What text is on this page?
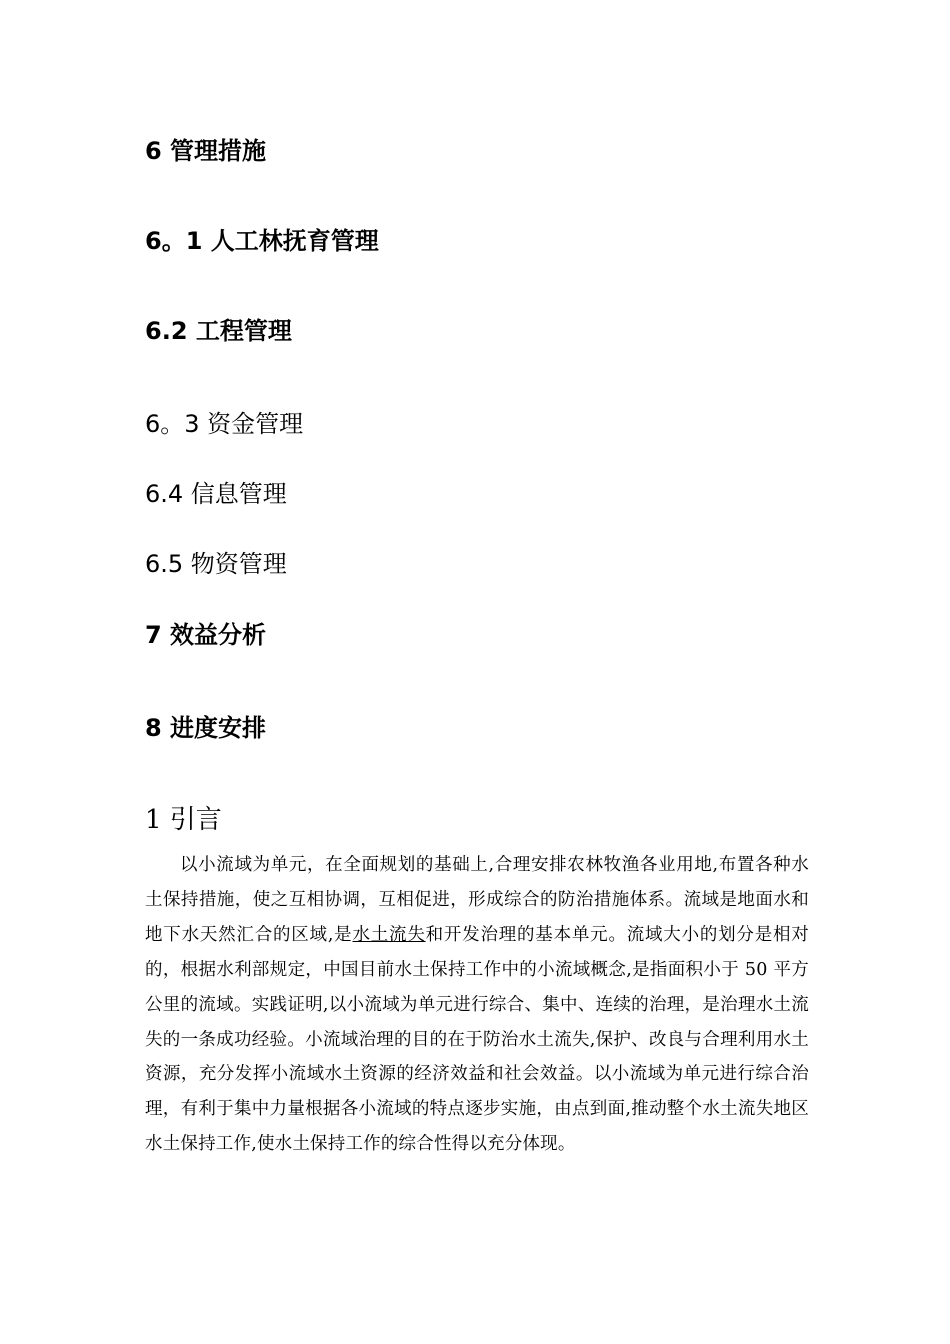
6 管理措施
6。1 人工林抚育管理
6.2 工程管理
6。3 资金管理
6.4 信息管理
6.5 物资管理
7 效益分析
8 进度安排
1 引言

以小流域为单元，在全面规划的基础上,合理安排农林牧渔各业用地,布置各种水土保持措施，使之互相协调，互相促进，形成综合的防治措施体系。流域是地面水和地下水天然汇合的区域,是水土流失和开发治理的基本单元。流域大小的划分是相对的，根据水利部规定，中国目前水土保持工作中的小流域概念,是指面积小于 50 平方公里的流域。实践证明,以小流域为单元进行综合、集中、连续的治理，是治理水土流失的一条成功经验。小流域治理的目的在于防治水土流失,保护、改良与合理利用水土资源，充分发挥小流域水土资源的经济效益和社会效益。以小流域为单元进行综合治理，有利于集中力量根据各小流域的特点逐步实施，由点到面,推动整个水土流失地区水土保持工作,使水土保持工作的综合性得以充分体现。
